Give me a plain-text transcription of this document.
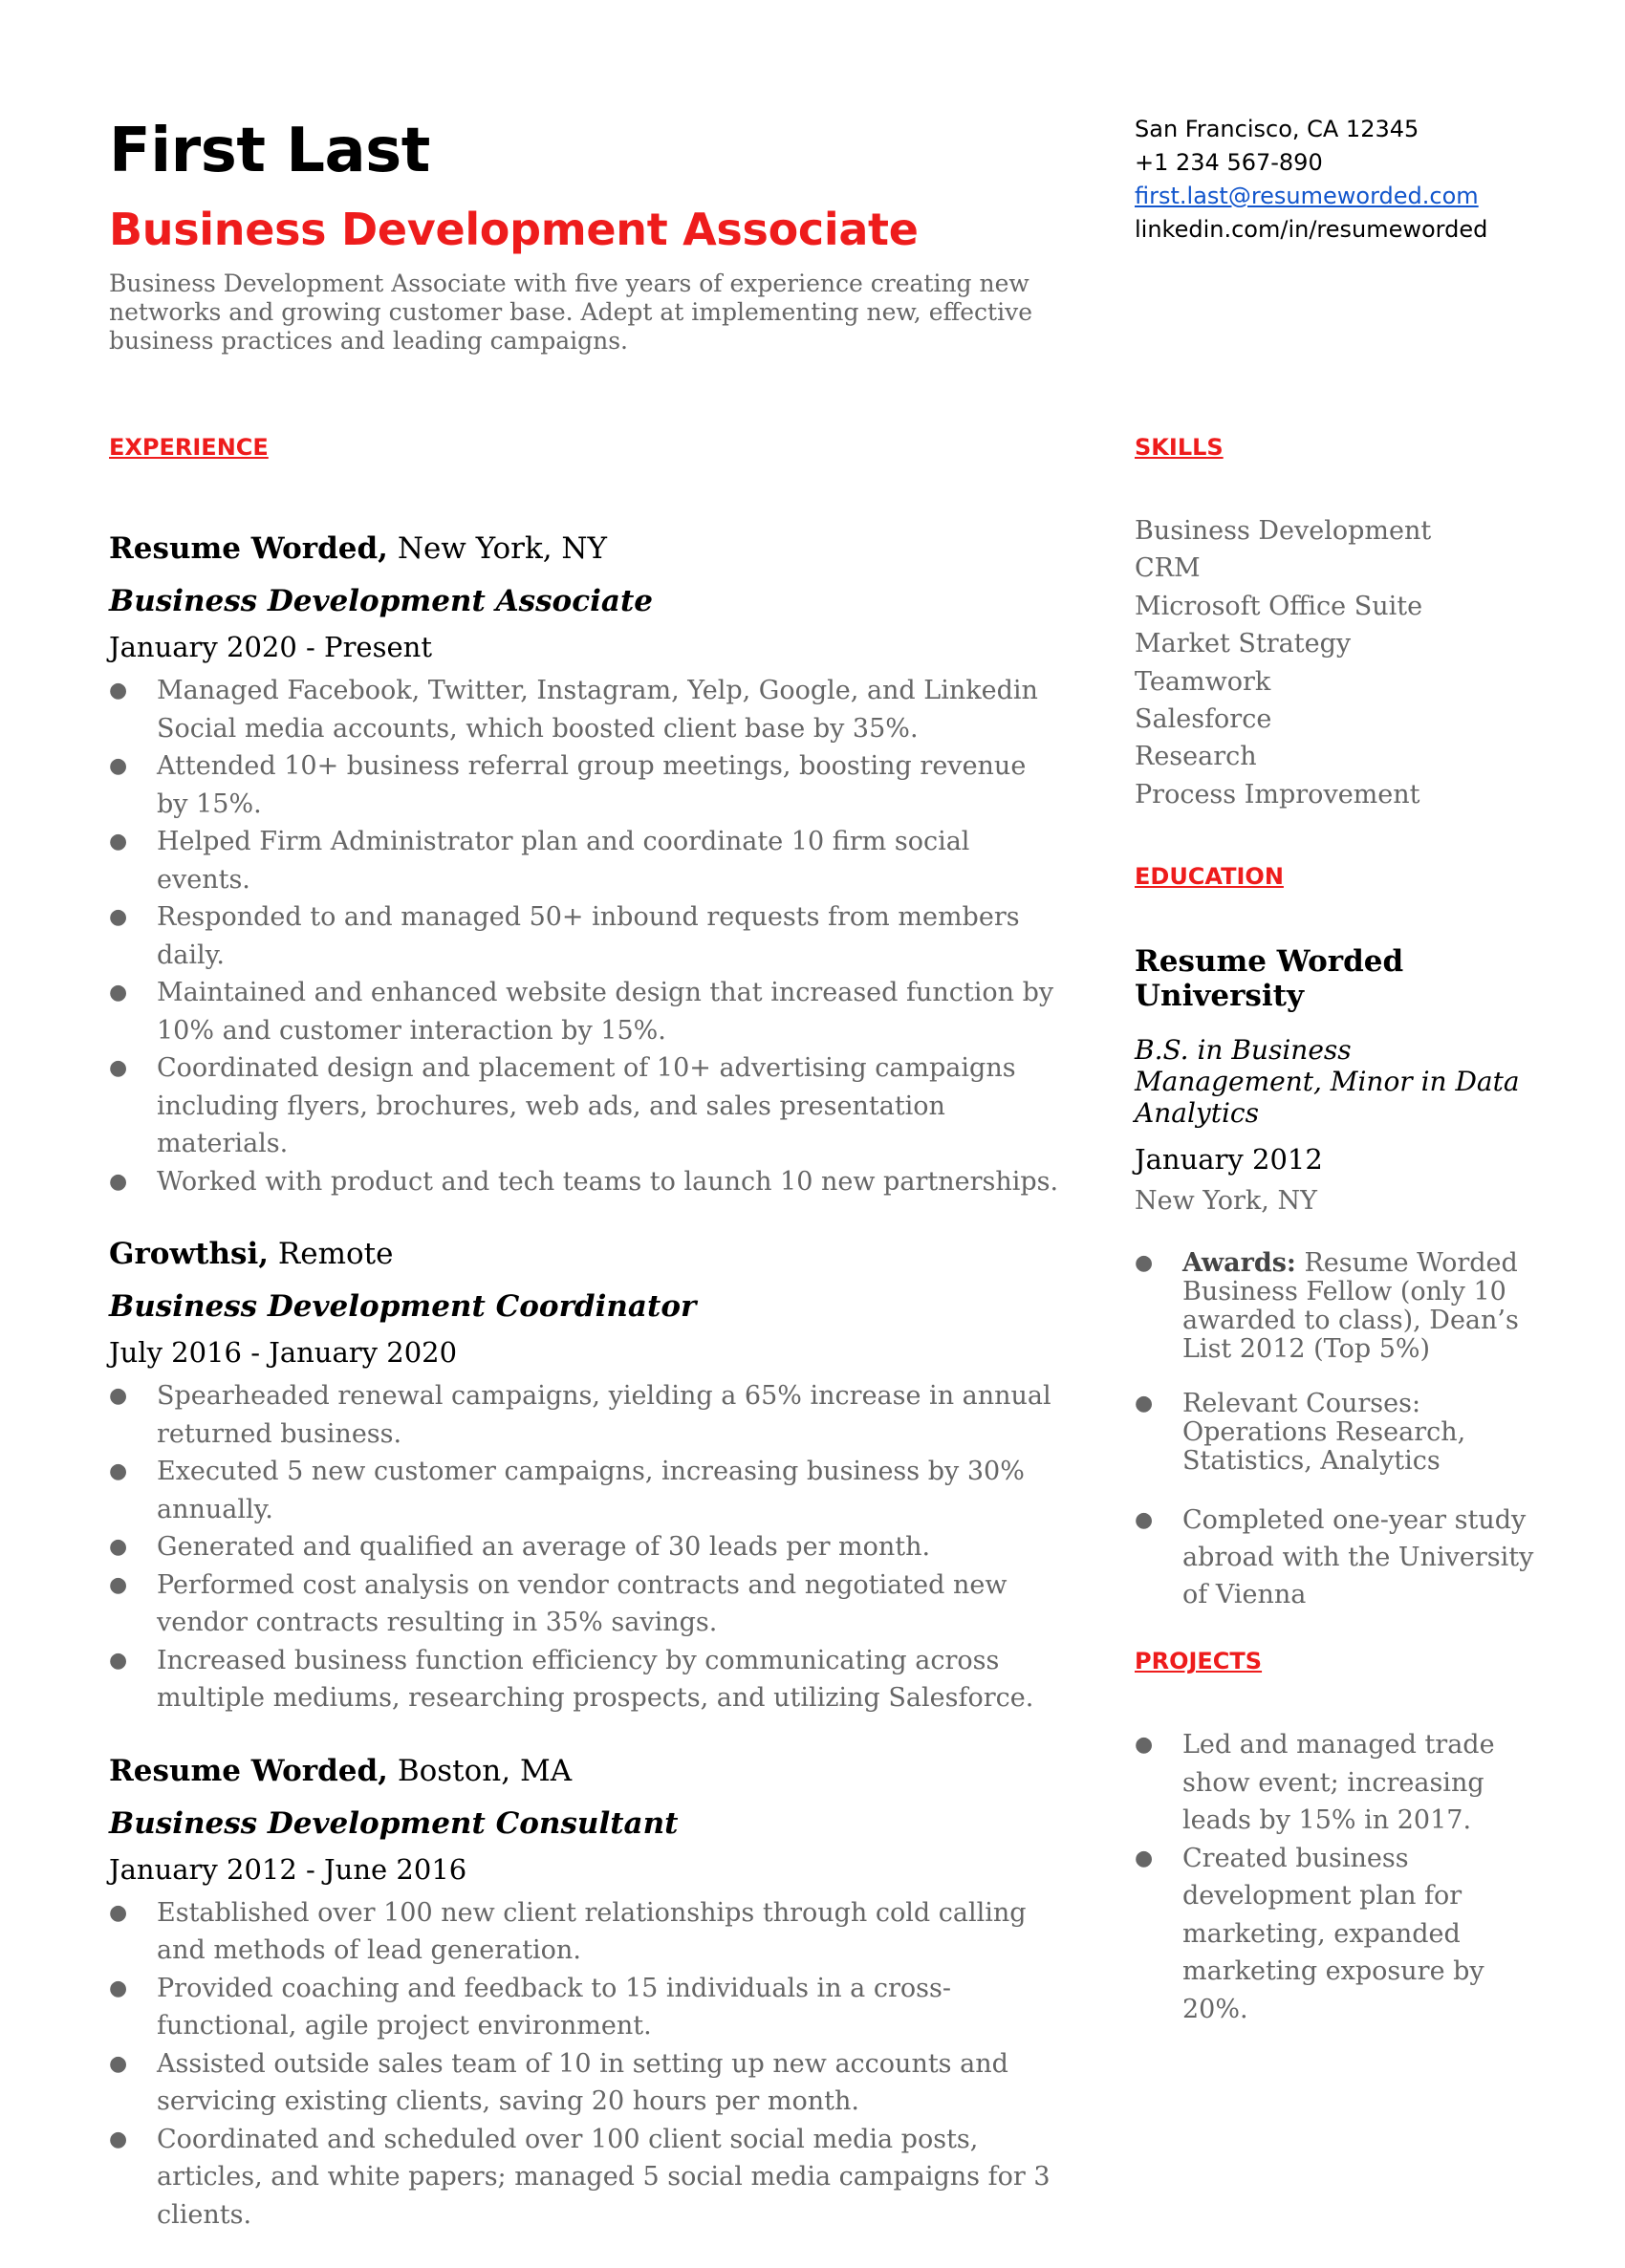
First Last
Business Development Associate

Business Development Associate with five years of experience creating new networks and growing customer base. Adept at implementing new, effective business practices and leading campaigns.

San Francisco, CA 12345
+1 234 567-890
first.last@resumeworded.com
linkedin.com/in/resumeworded
EXPERIENCE
Resume Worded, New York, NY
Business Development Associate
January 2020 - Present
● Managed Facebook, Twitter, Instagram, Yelp, Google, and Linkedin Social media accounts, which boosted client base by 35%.
● Attended 10+ business referral group meetings, boosting revenue by 15%.
● Helped Firm Administrator plan and coordinate 10 firm social events.
● Responded to and managed 50+ inbound requests from members daily.
● Maintained and enhanced website design that increased function by 10% and customer interaction by 15%.
● Coordinated design and placement of 10+ advertising campaigns including flyers, brochures, web ads, and sales presentation materials.
● Worked with product and tech teams to launch 10 new partnerships.
Growthsi, Remote
Business Development Coordinator
July 2016 - January 2020
● Spearheaded renewal campaigns, yielding a 65% increase in annual returned business.
● Executed 5 new customer campaigns, increasing business by 30% annually.
● Generated and qualified an average of 30 leads per month.
● Performed cost analysis on vendor contracts and negotiated new vendor contracts resulting in 35% savings.
● Increased business function efficiency by communicating across multiple mediums, researching prospects, and utilizing Salesforce.
Resume Worded, Boston, MA
Business Development Consultant
January 2012 - June 2016
● Established over 100 new client relationships through cold calling and methods of lead generation.
● Provided coaching and feedback to 15 individuals in a cross-functional, agile project environment.
● Assisted outside sales team of 10 in setting up new accounts and servicing existing clients, saving 20 hours per month.
● Coordinated and scheduled over 100 client social media posts, articles, and white papers; managed 5 social media campaigns for 3 clients.
SKILLS
Business Development
CRM
Microsoft Office Suite
Market Strategy
Teamwork
Salesforce
Research
Process Improvement
EDUCATION
Resume Worded University
B.S. in Business Management, Minor in Data Analytics
January 2012
New York, NY
● Awards: Resume Worded Business Fellow (only 10 awarded to class), Dean’s List 2012 (Top 5%)
● Relevant Courses: Operations Research, Statistics, Analytics
● Completed one-year study abroad with the University of Vienna
PROJECTS
● Led and managed trade show event; increasing leads by 15% in 2017.
● Created business development plan for marketing, expanded marketing exposure by 20%.
